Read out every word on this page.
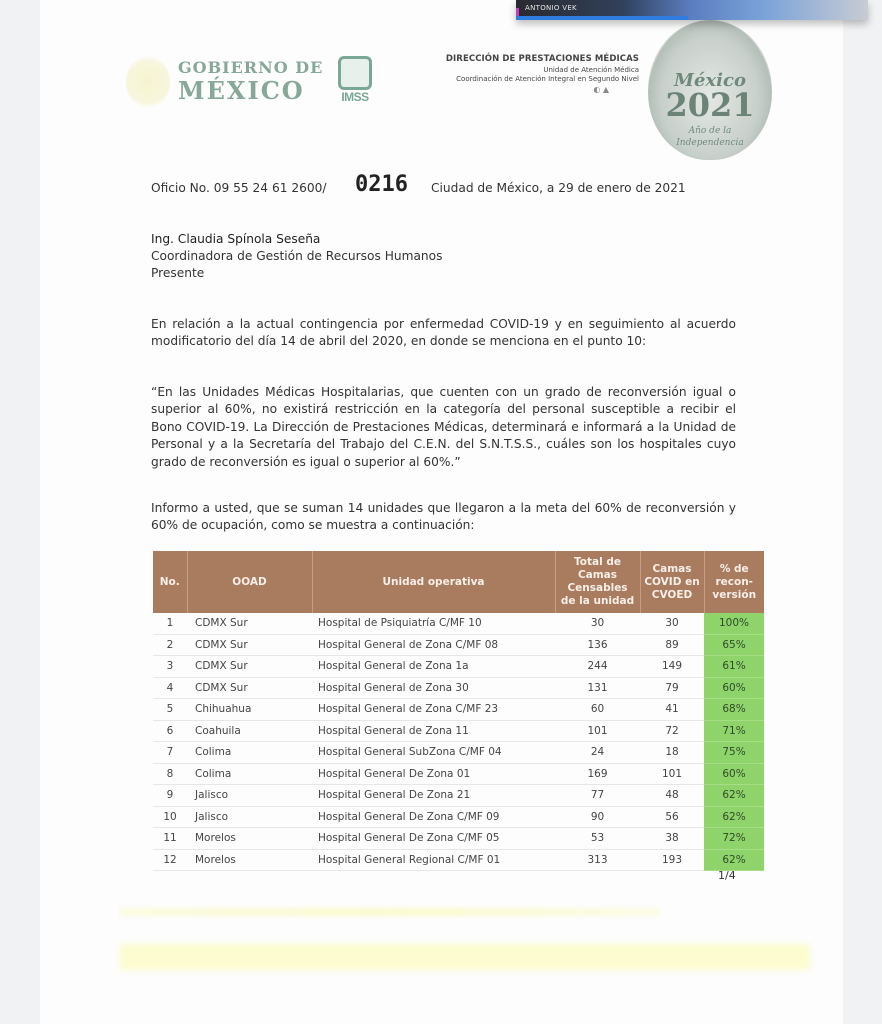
GOBIERNO DE
MÉXICO	IMSS
DIRECCIÓN DE PRESTACIONES MÉDICAS
Unidad de Atención Médica
Coordinación de Atención Integral en Segundo Nivel
◐ ▲	México
2021
Año de la
Independencia
Oficio No. 09 55 24 61 2600/ 0216 Ciudad de México, a 29 de enero de 2021
Ing. Claudia Spínola Seseña
Coordinadora de Gestión de Recursos Humanos
Presente
En relación a la actual contingencia por enfermedad COVID-19 y en seguimiento al acuerdo modificatorio del día 14 de abril del 2020, en donde se menciona en el punto 10:
“En las Unidades Médicas Hospitalarias, que cuenten con un grado de reconversión igual o superior al 60%, no existirá restricción en la categoría del personal susceptible a recibir el Bono COVID-19. La Dirección de Prestaciones Médicas, determinará e informará a la Unidad de Personal y a la Secretaría del Trabajo del C.E.N. del S.N.T.S.S., cuáles son los hospitales cuyo grado de reconversión es igual o superior al 60%.”
Informo a usted, que se suman 14 unidades que llegaron a la meta del 60% de reconversión y 60% de ocupación, como se muestra a continuación:
No.	OOAD	Unidad operativa	Total de Camas Censables de la unidad	Camas COVID en CVOED	% de recon-versión
1	CDMX Sur	Hospital de Psiquiatría C/MF 10	30	30	100%
2	CDMX Sur	Hospital General de Zona C/MF 08	136	89	65%
3	CDMX Sur	Hospital General de Zona 1a	244	149	61%
4	CDMX Sur	Hospital General de Zona 30	131	79	60%
5	Chihuahua	Hospital General de Zona C/MF 23	60	41	68%
6	Coahuila	Hospital General de Zona 11	101	72	71%
7	Colima	Hospital General SubZona C/MF 04	24	18	75%
8	Colima	Hospital General De Zona 01	169	101	60%
9	Jalisco	Hospital General De Zona 21	77	48	62%
10	Jalisco	Hospital General De Zona C/MF 09	90	56	62%
11	Morelos	Hospital General De Zona C/MF 05	53	38	72%
12	Morelos	Hospital General Regional C/MF 01	313	193	62%
1/4
ANTONIO VEK
